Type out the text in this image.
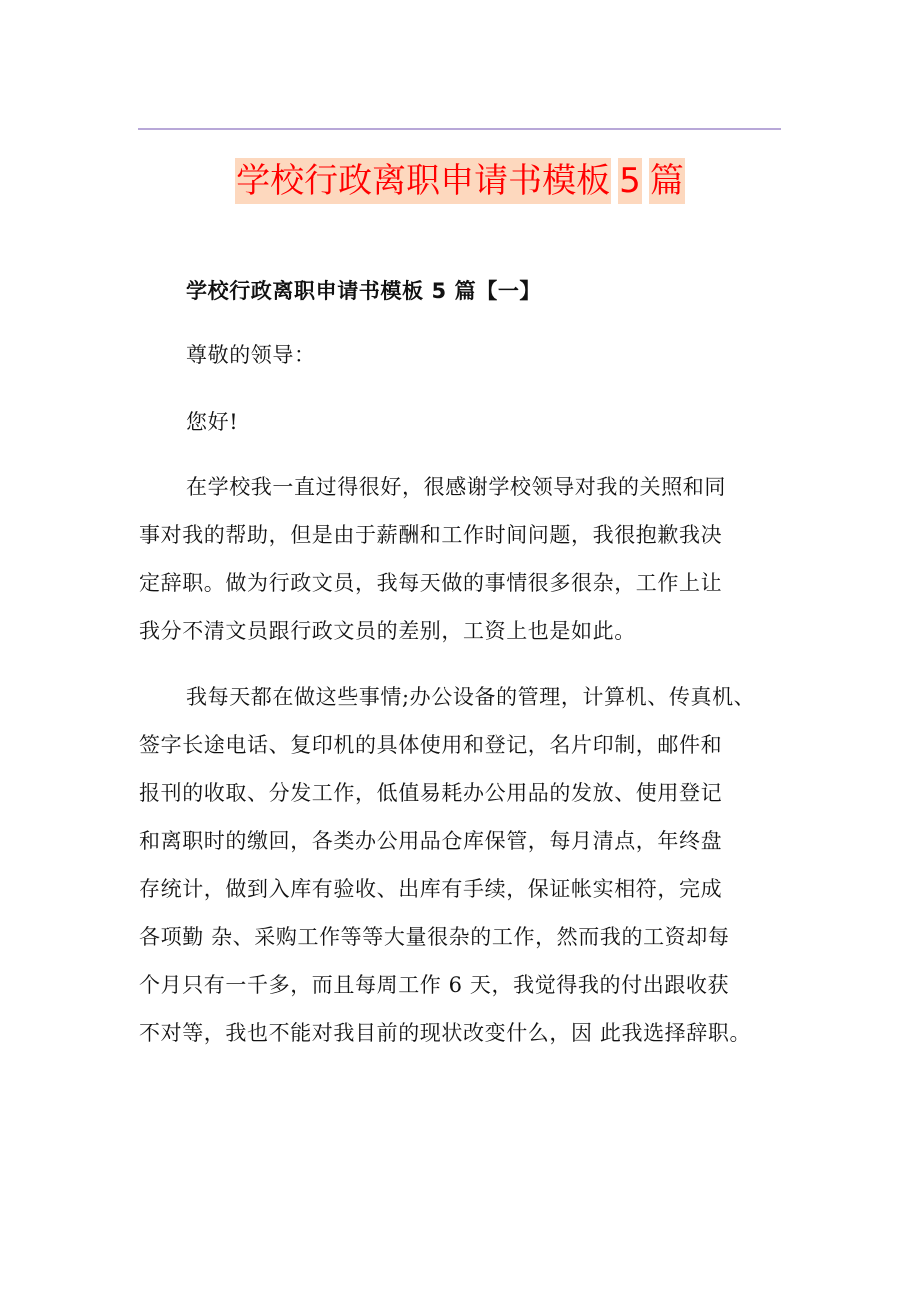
学校行政离职申请书模板 5 篇
学校行政离职申请书模板 5 篇【一】
尊敬的领导：
您好!
在学校我一直过得很好，很感谢学校领导对我的关照和同
事对我的帮助，但是由于薪酬和工作时间问题，我很抱歉我决
定辞职。做为行政文员，我每天做的事情很多很杂，工作上让
我分不清文员跟行政文员的差别，工资上也是如此。
我每天都在做这些事情;办公设备的管理，计算机、传真机、
签字长途电话、复印机的具体使用和登记，名片印制，邮件和
报刊的收取、分发工作，低值易耗办公用品的发放、使用登记
和离职时的缴回，各类办公用品仓库保管，每月清点，年终盘
存统计，做到入库有验收、出库有手续，保证帐实相符，完成
各项勤 杂、采购工作等等大量很杂的工作，然而我的工资却每
个月只有一千多，而且每周工作 6 天，我觉得我的付出跟收获
不对等，我也不能对我目前的现状改变什么，因 此我选择辞职。
